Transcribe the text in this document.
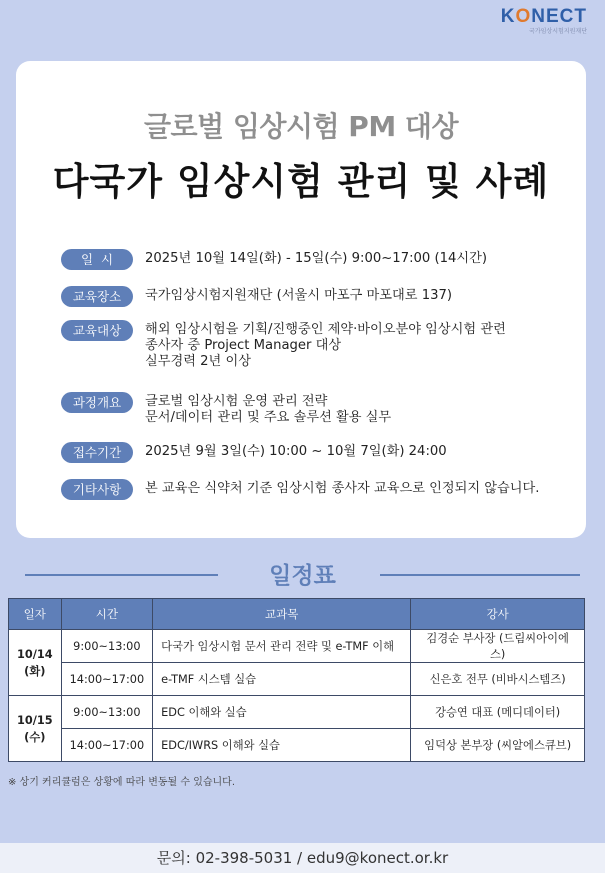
KONECT
국가임상시험지원재단
글로벌 임상시험 PM 대상
다국가 임상시험 관리 및 사례
일  시	2025년 10월 14일(화) - 15일(수) 9:00~17:00 (14시간)
교육장소	국가임상시험지원재단 (서울시 마포구 마포대로 137)
교육대상	해외 임상시험을 기획/진행중인 제약·바이오분야 임상시험 관련
종사자 중 Project Manager 대상
실무경력 2년 이상
과정개요	글로벌 임상시험 운영 관리 전략
문서/데이터 관리 및 주요 솔루션 활용 실무
접수기간	2025년 9월 3일(수) 10:00 ~ 10월 7일(화) 24:00
기타사항	본 교육은 식약처 기준 임상시험 종사자 교육으로 인정되지 않습니다.
일정표
일자	시간	교과목	강사

10/14
(화)	9:00~13:00	다국가 임상시험 문서 관리 전략 및 e-TMF 이해	김경순 부사장 (드림씨아이에스)
	14:00~17:00	e-TMF 시스템 실습	신은호 전무 (비바시스템즈)

10/15
(수)	9:00~13:00	EDC 이해와 실습	강승연 대표 (메디데이터)
	14:00~17:00	EDC/IWRS 이해와 실습	임덕상 본부장 (씨알에스큐브)
※ 상기 커리큘럼은 상황에 따라 변동될 수 있습니다.
문의: 02-398-5031 / edu9@konect.or.kr
